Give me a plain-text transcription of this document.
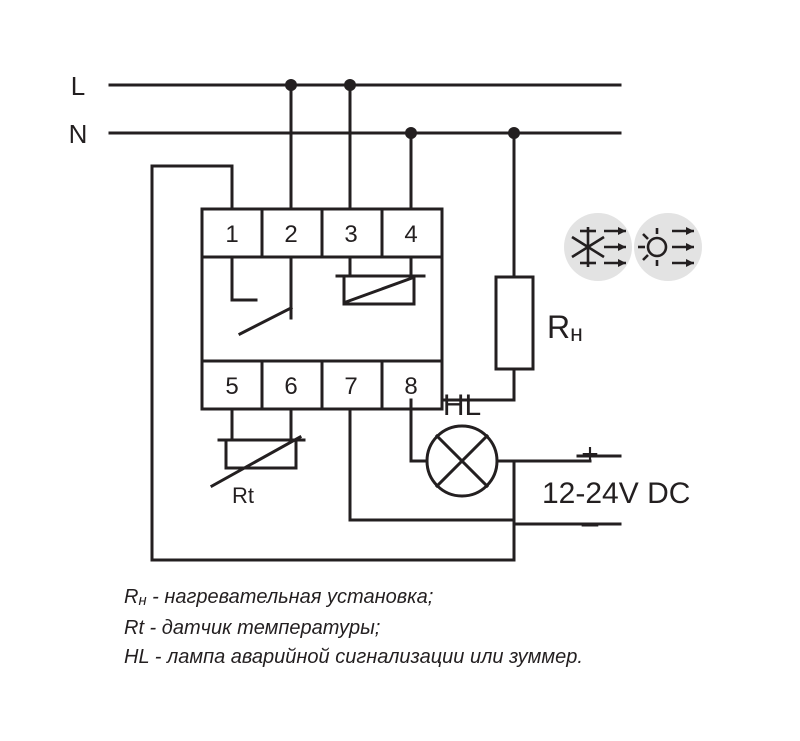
L
N
1 2 3 4
5 6 7 8
Rн
Rt
HL
+
–
12-24V DC
Rн - нагревательная установка;
Rt - датчик температуры;
HL - лампа аварийной сигнализации или зуммер.
